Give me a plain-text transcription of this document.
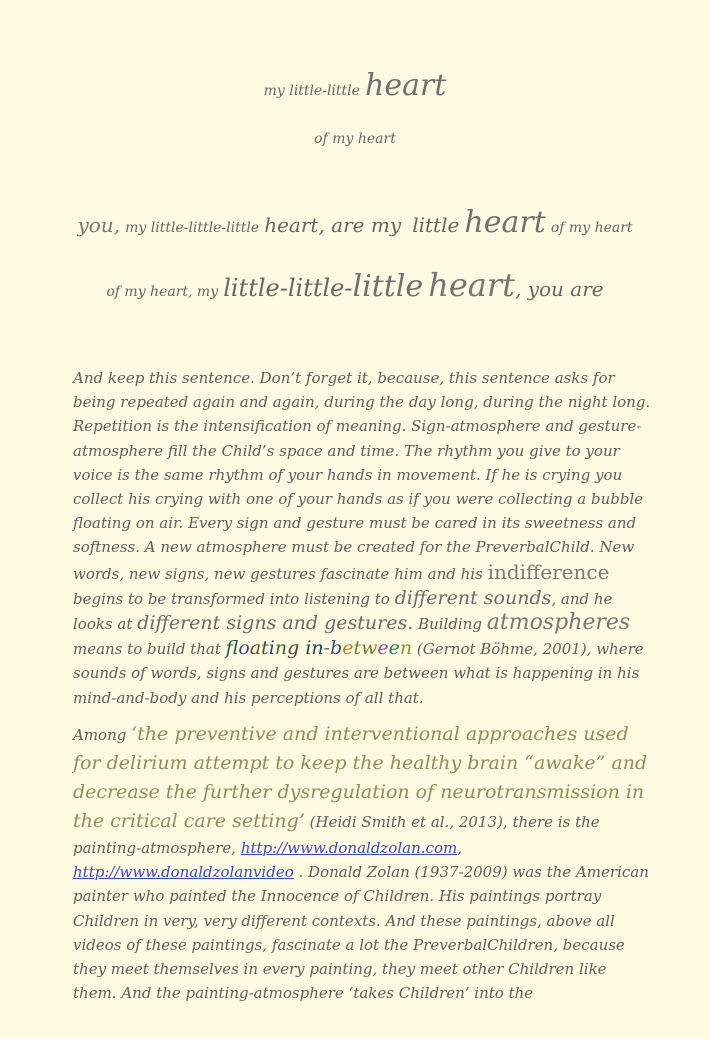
my little-little heart
of my heart
you, my little-little-little heart, are my little heart of my heart
of my heart, my little-little-little heart, you are
And keep this sentence. Don’t forget it, because, this sentence asks for being repeated again and again, during the day long, during the night long. Repetition is the intensification of meaning. Sign-atmosphere and gesture-atmosphere fill the Child’s space and time. The rhythm you give to your voice is the same rhythm of your hands in movement. If he is crying you collect his crying with one of your hands as if you were collecting a bubble floating on air. Every sign and gesture must be cared in its sweetness and softness. A new atmosphere must be created for the PreverbalChild. New words, new signs, new gestures fascinate him and his indifference begins to be transformed into listening to different sounds, and he looks at different signs and gestures. Building atmospheres means to build that foating in-between (Gernot Böhme, 2001), where sounds of words, signs and gestures are between what is happening in his mind-and-body and his perceptions of all that.
Among ‘the preventive and interventional approaches used for delirium attempt to keep the healthy brain “awake” and decrease the further dysregulation of neurotransmission in the critical care setting’ (Heidi Smith et al., 2013), there is the painting-atmosphere, http://www.donaldzolan.com, http://www.donaldzolanvideo . Donald Zolan (1937-2009) was the American painter who painted the Innocence of Children. His paintings portray Children in very, very different contexts. And these paintings, above all videos of these paintings, fascinate a lot the PreverbalChildren, because they meet themselves in every painting, they meet other Children like them. And the painting-atmosphere ‘takes Children’ into the
